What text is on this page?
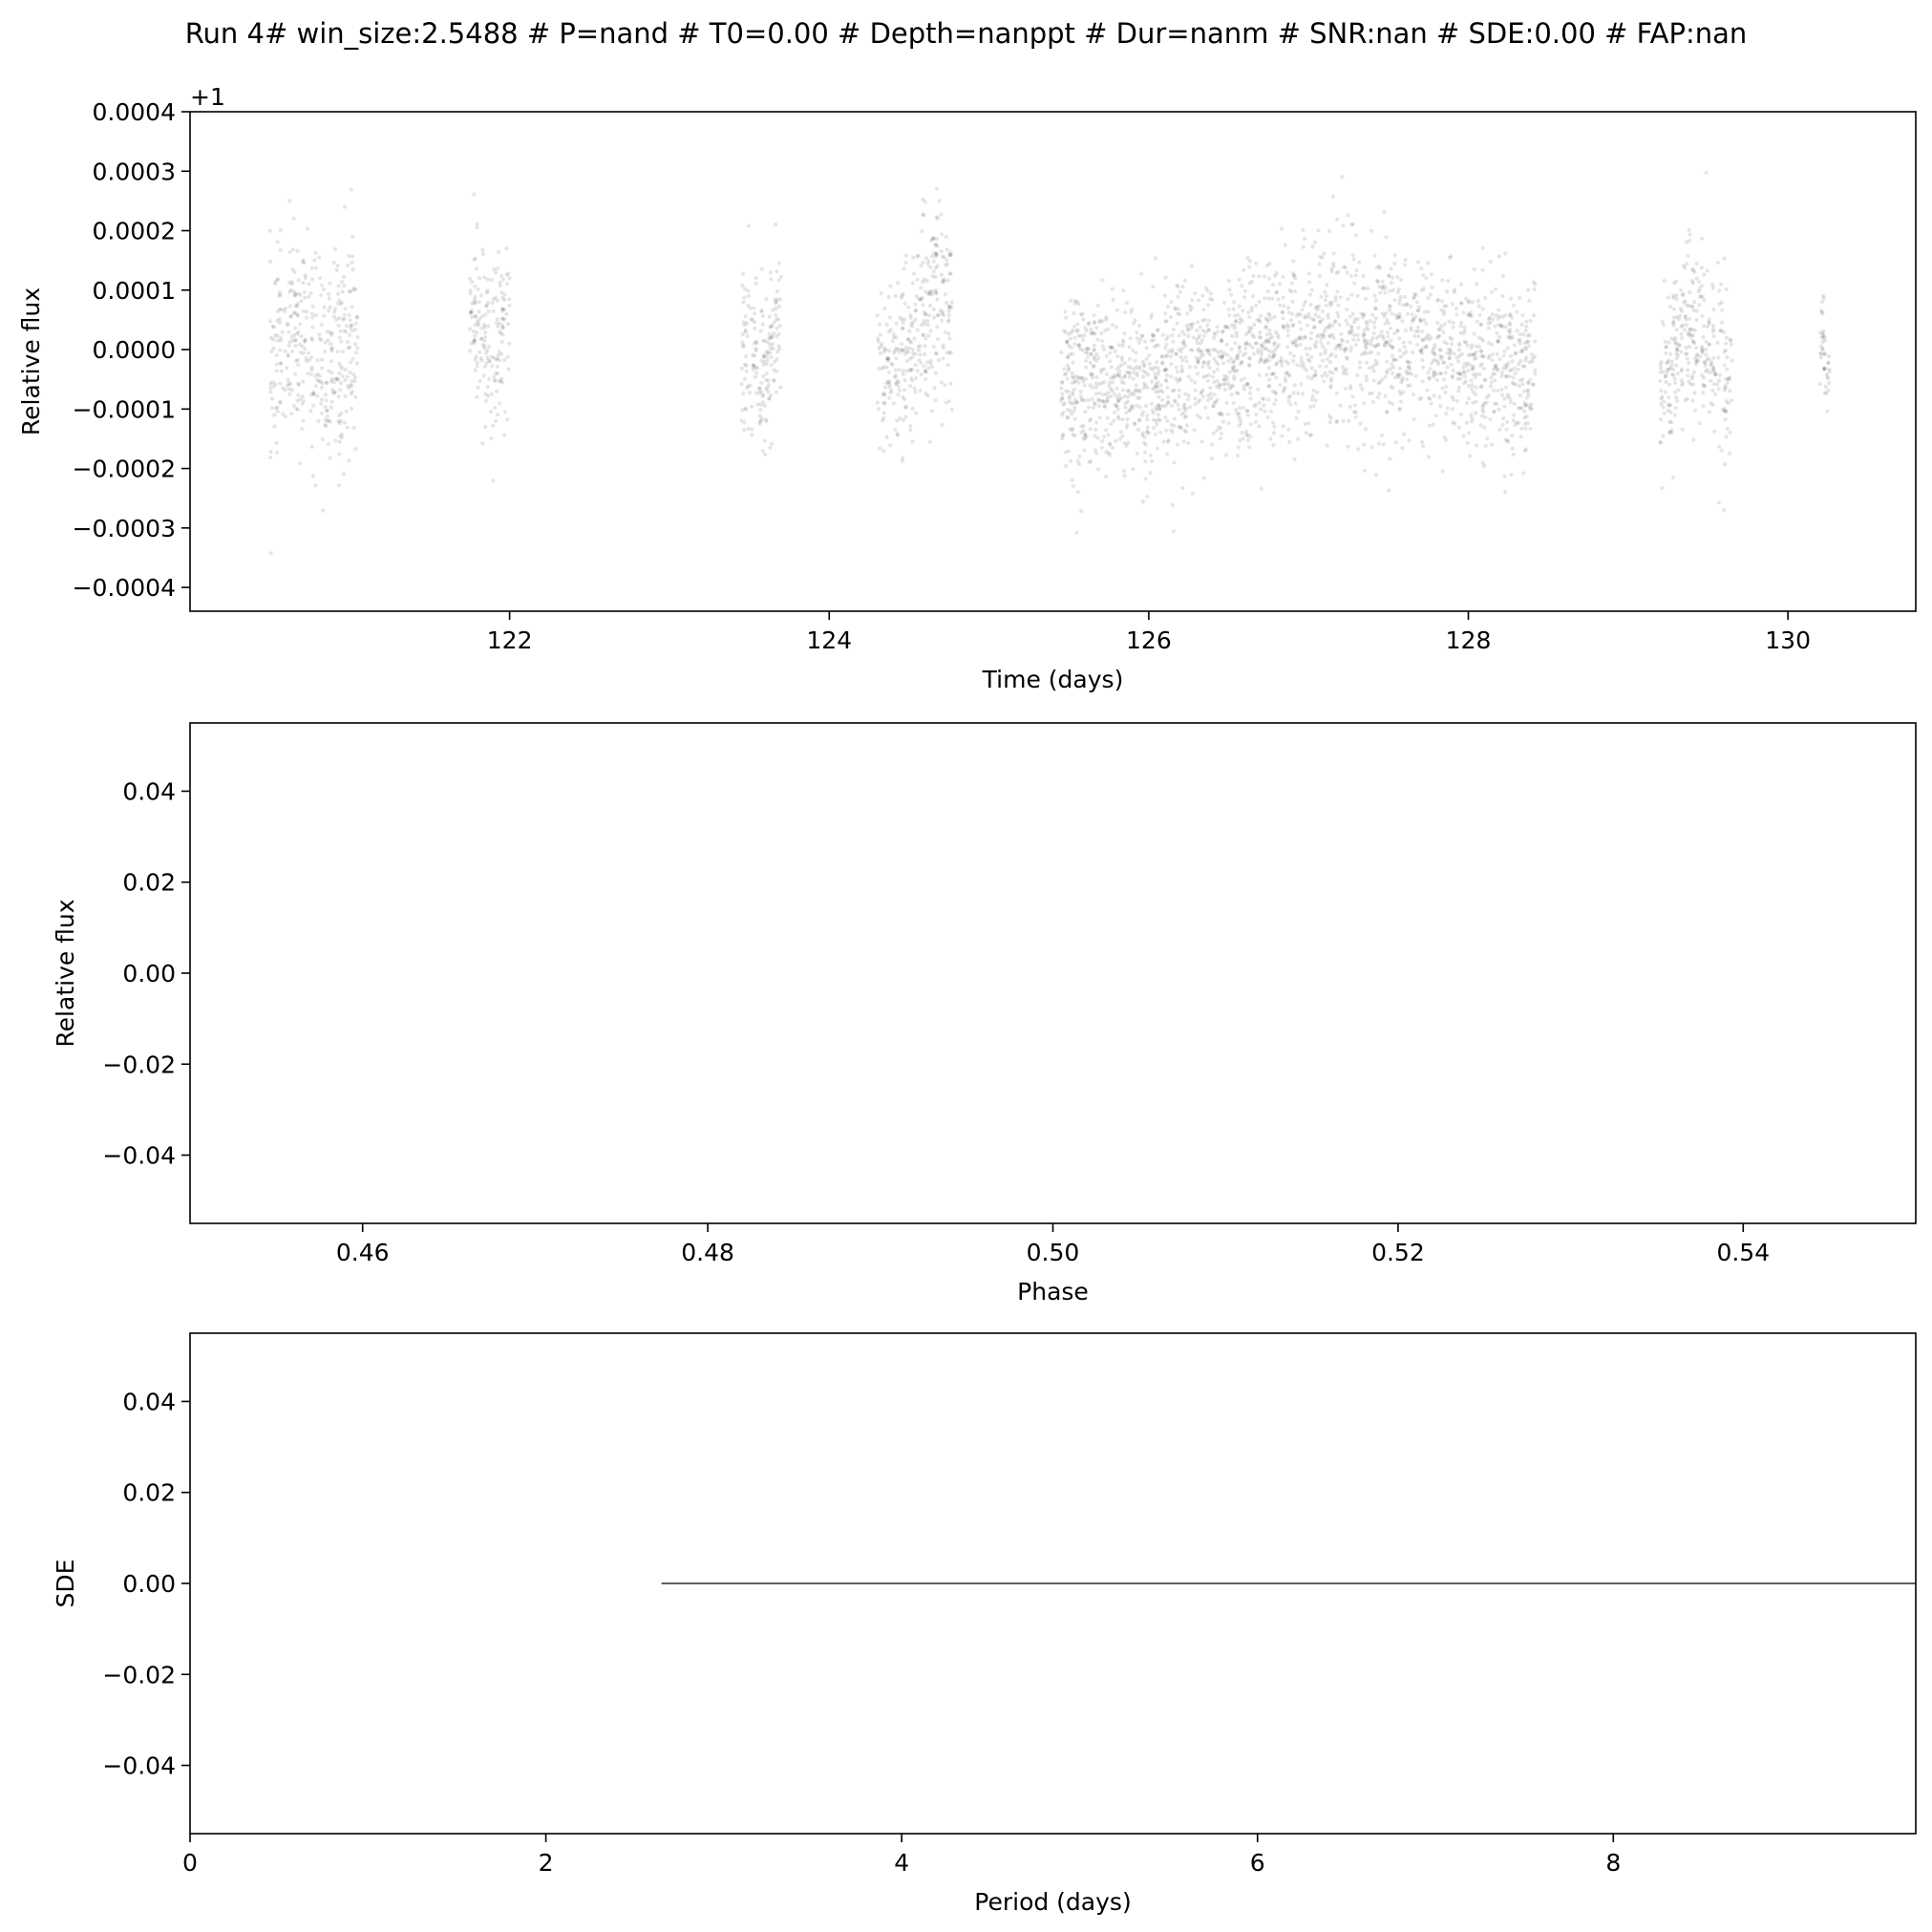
Run 4# win_size:2.5488 # P=nand # T0=0.00 # Depth=nanppt # Dur=nanm # SNR:nan # SDE:0.00 # FAP:nan
122	124	126	128	130
−0.0004
−0.0003
−0.0002
−0.0001
0.0000
0.0001
0.0002
0.0003
0.0004
Time (days)
Relative flux
+1
0.46	0.48	0.50	0.52	0.54
−0.04
−0.02
0.00
0.02
0.04
Phase
Relative flux
0	2	4	6	8
−0.04
−0.02
0.00
0.02
0.04
Period (days)
SDE
